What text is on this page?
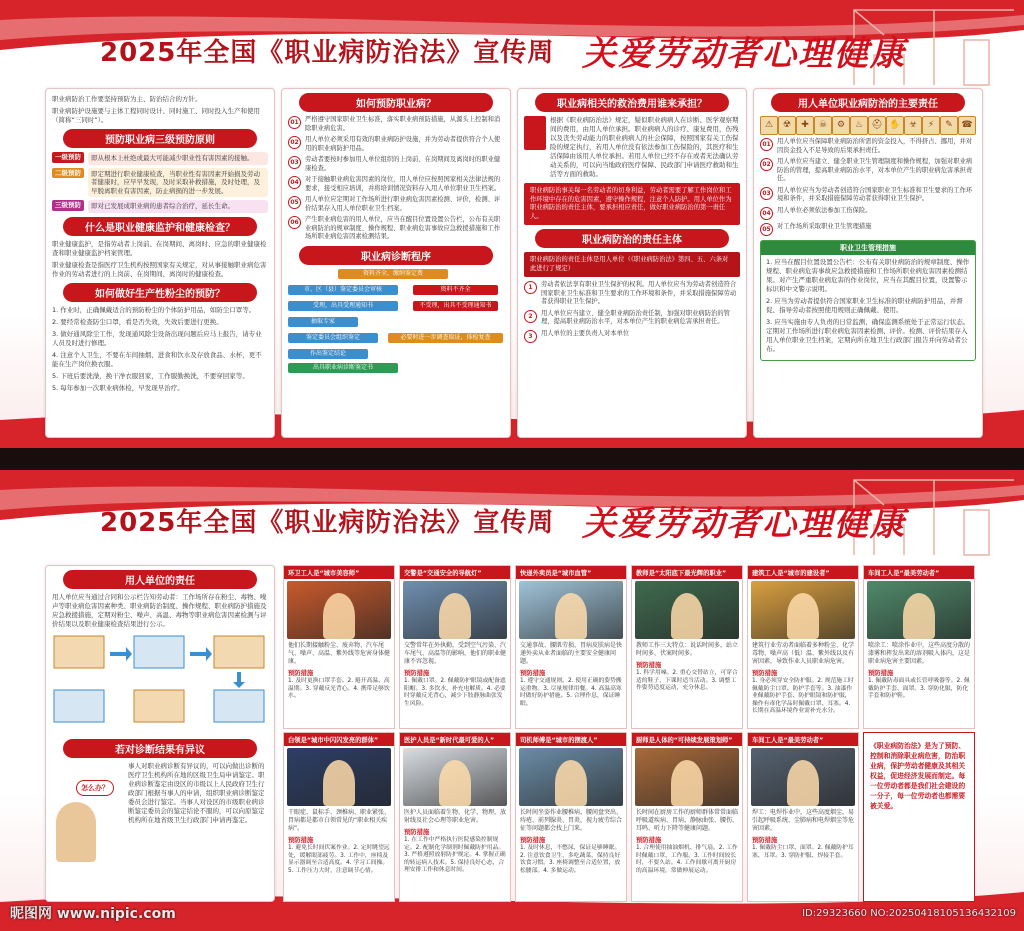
2025年全国《职业病防治法》宣传周 关爱劳动者心理健康

职业病防治工作要坚持预防为主、防治结合的方针。

职业病防护设施要与主体工程同时设计、同时施工、同时投入生产和使用（简称“三同时”）。

预防职业病三级预防原则
一级预防	即从根本上杜绝或最大可能减少职业性有害因素的接触。
二级预防	即定期进行职业健康检查，当职业性有害因素开始损及劳动者健康时，应早早发现，及时采取补救措施，及时处理，及早脱离职业有害因素，防止病损的进一步发展。
三级预防	即对已发展成职业病的患者综合治疗，延长生命。
什么是职业健康监护和健康检查？

职业健康监护，是指劳动者上岗前、在岗期间、离岗时、应急的职业健康检查和职业健康监护档案管理。

职业健康检查是指医疗卫生机构按照国家有关规定，对从事接触职业病危害作业的劳动者进行的上岗前、在岗期间、离岗时的健康检查。

如何做好生产性粉尘的预防？

1. 作业时，正确佩戴适合的预防粉尘的个体防护用品，如防尘口罩等。

2. 要经常检查防尘口罩，看是否失效，失效后要进行更换。

3. 做好通风除尘工作，发现通风除尘设备出现问题后应马上报告，请专业人员及时进行修理。

4. 注意个人卫生，不要在车间抽烟、进食和饮水及存放食品、水杯，更不能在生产岗位换衣服。

5. 下班后要洗澡，换干净衣服回家，工作服勤换洗，不要穿回家等。

5. 每年参加一次职业病体检，早发现早治疗。

如何预防职业病？
01	严格遵守国家职业卫生标准，落实职业病预防措施，从源头上控制和消除职业病危害。
02	用人单位必须采用有效的职业病防护设施，并为劳动者提供符合个人使用的职业病防护用品。
03	劳动者要按时参加用人单位组织的上岗前、在岗期间及离岗时的职业健康检查。
04	对于接触职业病危害因素的岗位，用人单位应按照国家相关法律法规的要求，接受相应培训，并将培训情况资料存入用人单位职业卫生档案。
05	用人单位应定期对工作场所进行职业病危害因素检测、评价，检测、评价结果存入用人单位职业卫生档案。
06	产生职业病危害的用人单位，应当在醒目位置设置公告栏，公布有关职业病防治的规章制度、操作规程、职业病危害事故应急救援措施和工作场所职业病危害因素检测结果。
职业病诊断程序
资料齐全，缴纳鉴定费
市、区（县）鉴定委员会审核	资料不齐全
受理，出具受理通知书	不受理，出具不受理通知书
抽取专家
鉴定委员会组织鉴定	必要时进一步调查取证，体检复查
作出鉴定结论
出具职业病诊断鉴定书
职业病相关的救治费用谁来承担？
根据《职业病防治法》规定，疑似职业病病人在诊断、医学观察期间的费用，由用人单位承担。职业病病人的诊疗、康复费用，伤残以及丧失劳动能力的职业病病人的社会保障，按照国家有关工伤保险的规定执行，若用人单位没有依法参加工伤保险的，其医疗和生活保障由该用人单位承担。若用人单位已经不存在或者无法确认劳动关系的，可以向当地政府医疗保障、民政部门申请医疗救助和生活等方面的救助。
职业病防治事关每一名劳动者的切身利益，劳动者需要了解工作岗位和工作环境中存在的危害因素，遵守操作规程，注意个人防护。用人单位作为职业病防治的责任主体，要承担相应责任，做好职业病防治的第一责任人。
职业病防治的责任主体
职业病防治的责任主体是用人单位（《职业病防治法》第四、五、六条对此进行了规定）
1	劳动者依法享有职业卫生保护的权利。用人单位应当为劳动者创造符合国家职业卫生标准和卫生要求的工作环境和条件，并采取措施保障劳动者获得职业卫生保护。
2	用人单位应当建立、健全职业病防治责任制，加强对职业病防治的管理，提高职业病防治水平，对本单位产生的职业病危害承担责任。
3	用人单位的主要负责人对本单位
用人单位职业病防治的主要责任
⚠	☢	✚	☠	⚙	♨ ⛑ ✋ ☣	⚡	✎ ☎
01	用人单位应当保障职业病防治所需的资金投入，不得挤占、挪用，并对因资金投入不足导致的后果承担责任。
02	用人单位应当建立、健全职业卫生管理制度和操作规程，加强对职业病防治的管理，提高职业病防治水平，对本单位产生的职业病危害承担责任。
03	用人单位应当为劳动者创造符合国家职业卫生标准和卫生要求的工作环境和条件，并采取措施保障劳动者获得职业卫生保护。
04	用人单位必须依法参加工伤保险。
05	对工作场所采取职业卫生管理措施
职业卫生管理措施

1. 应当在醒目位置设置公告栏：公布有关职业病防治的规章制度、操作规程、职业病危害事故应急救援措施和工作场所职业病危害因素检测结果。对产生严重职业病危害的作业岗位，应当在其醒目位置，设置警示标识和中文警示说明。

2. 应当为劳动者提供符合国家职业卫生标准的职业病防护用品，并督促、指导劳动者按照使用规则正确佩戴、使用。

3. 应当实施由专人负责的日常监测，确保监测系统处于正常运行状态。定期对工作场所进行职业病危害因素检测、评价。检测、评价结果存入用人单位职业卫生档案，定期向所在地卫生行政部门报告并向劳动者公布。

2025年全国《职业病防治法》宣传周 关爱劳动者心理健康
用人单位的责任
用人单位应当通过合同和公示栏告知劳动者：工作场所存在粉尘、毒物、噪声等职业病危害因素种类、职业病防治制度、操作规程、职业病防护措施及应急救援措施，定期对粉尘、噪声、高温、毒物等职业病危害因素检测与评价结果以及职业健康检查结果进行公示。
若对诊断结果有异议
怎么办？
事人对职业病诊断有异议的，可以向做出诊断的医疗卫生机构所在地的区级卫生局申请鉴定。职业病诊断鉴定由设区的市级以上人民政府卫生行政部门根据当事人的申请，组织职业病诊断鉴定委员会进行鉴定。当事人对设区的市级职业病诊断鉴定委员会的鉴定结论不服的，可以向原鉴定机构所在地省级卫生行政部门申请再鉴定。
环卫工人是“城市美容师”
他们长期接触粉尘、废弃物、汽车尾气、噪声、高温、紫外线等危害身体健康。
预防措施
1. 及时更换口罩手套。2. 避开高温、高温期。3. 穿戴反光背心。4. 携带足够饮水。
交警是“交通安全的导航灯”
交警常年在外执勤，受到空气污染、汽车尾气、高温等的影响，他们的职业健康不容忽视。
预防措施
1. 佩戴口罩。2. 佩戴防护眼镜或配备遮阳帽。3. 多饮水，补充电解质。4. 必要时穿戴反光背心，减少下肢静脉曲张发生风险。
快递外卖员是“城市血管”
交通事故、腰肌劳损、胃病皮肤病是快递外卖从业者面临的主要安全健康问题。
预防措施
1. 遵守交通规则。2. 使用正确的姿势搬运重物。3. 尽量规律用餐。4. 高温高寒时做好防护措施。5. 合理作息，保证睡眠。
教师是“太阳底下最光辉的职业”
教师工作三大特点：说话时间多，站立时间多，伏案时间多。
预防措施
1. 科学用嗓。2. 重心交替站立，可穿合适的鞋子，下课时适当活动。3. 调整工作姿势适度运动，充分休息。
建筑工人是“城市的建设者”
建筑行业劳动者面临着多种粉尘、化学毒物、噪声高（低）温、紫外线以及有害因素，导致作业人员职业病危害。
预防措施
1. 身必须穿安全防护服。2. 规范施工时佩戴防尘口罩、防护手套等。3. 油漆作业佩戴防护手套、防护眼镜和防护服，操作有毒化学品时佩戴口罩、耳塞。4. 长期在高温环境作业需补充水分。
车间工人是“最美劳动者”
喷涂工：喷涂作业中，这些高度分散的漆雾和挥发出来的溶剂吸入体内，这是职业病危害主要因素。
预防措施
1. 佩戴防毒面具或长管呼吸器等。2. 佩戴防护手套、面罩。3. 穿防化服，防化手套和防护鞋。
白领是“城市中闪闪发亮的群体”
干眼症、鼠标手、颈椎病、职业紧张、胃病都是都市白领常见的“职业相关疾病”。
预防措施
1. 避免长时间伏案作业。2. 定时眺望远处，缓解眼部疲劳。3. 工作中，座椅及显示器调至合适高度。4. 学习工间操。5. 工作压力大时，注意调节心情。
医护人员是“新时代最可爱的人”
医护人员面临着生物、化学、物理、放射线及社会心理等职业危害。
预防措施
1. 在工作中严格执行医院感染控制规定。2. 配制化学制剂时佩戴防护用品。3. 严格遵照放射防护规定。4. 掌握正确的转运病人技术。5. 保持良好心态，合理安排工作和休息时间。
司机师傅是“城市的摆渡人”
长时间坐姿作业腰椎病、腰间盘突出、痔疮、前列腺炎、胃炎，视力疲劳综合征等问题都会找上门来。
预防措施
1. 及时休息，不憋尿，保证足够睡眠。2. 注意饮食卫生，多吃蔬菜，保持良好饮食习惯。3. 座椅调整至合适位置，放松腰部。4. 多做运动。
厨师是人体的“可持续发展策划师”
长时间在厨房工作的厨师群体常常面临呼吸道疾病、胃病、静脉曲张、腰伤、耳鸣、听力下降等健康问题。
预防措施
1. 合理使用抽油烟机、排气扇。2. 工作时佩戴口罩、工作服。3. 工作时间较长时，不要久站。4. 工作间歇可离开厨房的高温环境，常做伸展运动。
车间工人是“最美劳动者”
焊工：电焊作业中，这些高度烟尘，易引起呼吸系统、尘肺病和电焊烟尘等危害因素。
预防措施
1. 佩戴防尘口罩、面罩。2. 佩戴防护耳塞、耳罩。3. 穿防护服、焊接手套。
《职业病防治法》是为了预防、控制和消除职业病危害，防治职业病，保护劳动者健康及其相关权益，促进经济发展而制定。每一位劳动者都是我们社会建设的一分子，每一位劳动者也都需要被关爱。
昵图网 www.nipic.com	ID:29323660 NO:20250418105136432109
